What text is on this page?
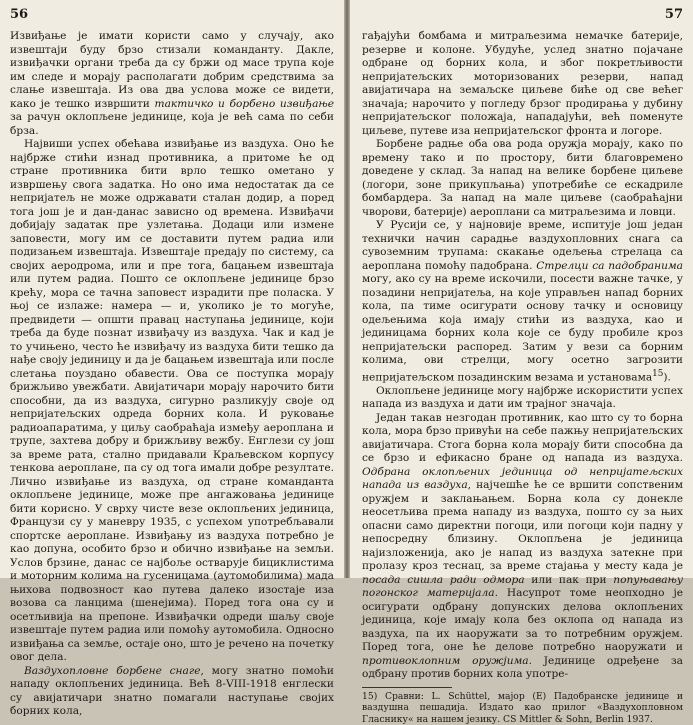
56

Извиђање је имати користи само у случају, ако извештаји буду брзо стизали команданту. Дакле, извиђачки органи треба да су бржи од масе трупа које им следе и морају располагати добрим средствима за слање извештаја. Из ова два услова може се видети, како је тешко извршити тактичко и борбено извиђање за рачун оклопљене јединице, која је већ сама по себи брза.

Највиши успех обећава извиђање из ваздуха. Оно ће најбрже стићи изнад противника, а притоме ће од стране противника бити врло тешко ометано у извршењу свога задатка. Но оно има недостатак да се непријатељ не може одржавати сталан додир, а поред тога још је и дан-данас зависно од времена. Извиђачи добијају задатак пре узлетања. Додаци или измене заповести, могу им се доставити путем радиа или подизањем извештаја. Извештаје предају по систему, са својих аеродрома, или и пре тога, бацањем извештаја или путем радиа. Пошто се оклопљене јединице брзо крећу, мора се тачна заповест израдити пре поласка. У њој се излаже: намера — и, уколико је то могуће, предвидети — општи правац наступања јединице, који треба да буде познат извиђачу из ваздуха. Чак и кад је то учињено, често ће извиђачу из ваздуха бити тешко да нађе своју јединицу и да је бацањем извештаја или после слетања поуздано обавести. Ова се поступка морају брижљиво увежбати. Авијатичари морају нарочито бити способни, да из ваздуха, сигурно разликују своје од непријатељских одреда борних кола. И руковање радиоапаратима, у циљу саобраћаја између аероплана и трупе, захтева добру и брижљиву вежбу. Енглези су још за време рата, стално придавали Краљевском корпусу тенкова аероплане, па су од тога имали добре резултате. Лично извиђање из ваздуха, од стране команданта оклопљене јединице, може пре ангажовања јединице бити корисно. У сврху чисте везе оклопљених јединица, Французи су у маневру 1935, с успехом употребљавали спортске аероплане. Извиђању из ваздуха потребно је као допуна, особито брзо и обично извиђање на земљи. Услов брзине, данас се најбоље остварује бициклистима и моторним колима на гусеницама (аутомобилима) мада њихова подвозност као путева далеко изостаје иза возова са ланцима (шенејима). Поред тога она су и осетљивија на препоне. Извиђачки одреди шаљу своје извештаје путем радиа или помоћу аутомобила. Односно извиђања са земље, остаје оно, што је речено на почетку овог дела.

Ваздухопловне борбене снаге, могу знатно помоћи нападу оклопљених јединица. Већ 8-VIII-1918 енглески су авијатичари знатно помагали наступање својих борних кола,

57

гађајући бомбама и митраљезима немачке батерије, резерве и колоне. Убудуће, услед знатно појачане одбране од борних кола, и због покретљивости непријатељских моторизованих резерви, напад авијатичара на земаљске циљеве биће од све већег значаја; нарочито у погледу брзог продирања у дубину непријатељског положаја, нападајући, већ поменуте циљеве, путеве иза непријатељског фронта и логоре.

Борбене радње оба ова рода оружја морају, како по времену тако и по простору, бити благовремено доведене у склад. За напад на велике борбене циљеве (логори, зоне прикупљања) употребиће се ескадриле бомбардера. За напад на мале циљеве (саобраћајни чворови, батерије) аероплани са митраљезима и ловци.

У Русији се, у најновије време, испитује још један технички начин сарадње ваздухопловних снага са сувоземним трупама: скакање одељења стрелаца са аероплана помоћу падобрана. Стрелци са падобранима могу, ако су на време искочили, посести важне тачке, у позадини непријатеља, на које управљен напад борних кола, па тиме осигурати основу тачку и основицу одељењима која имају стићи из ваздуха, као и јединицама борних кола које се буду пробиле кроз непријатељски распоред. Затим у вези са борним колима, ови стрелци, могу осетно загрозити непријатељском позадинским везама и установама$^{15}$).

Оклопљене јединице могу најбрже искористити успех напада из ваздуха и дати им трајног значаја.

Један такав незгодан противник, као што су то борна кола, мора брзо привући на себе пажњу непријатељских авијатичара. Стога борна кола морају бити способна да се брзо и ефикасно бране од напада из ваздуха. Одбрана оклопљених јединица од непријатељских напада из ваздуха, најчешће ће се вршити сопственим оружјем и заклањањем. Борна кола су донекле неосетљива према нападу из ваздуха, пошто су за њих опасни само директни погоци, или погоци који падну у непосредну близину. Оклопљена је јединица најизложенија, ако је напад из ваздуха затекне при пролазу кроз теснац, за време стајања у месту када је посада сишла ради одмора или пак при попуњавању погонског материјала. Насупрот томе неопходно је осигурати одбрану допунских делова оклопљених јединица, које имају кола без оклопа од напада из ваздуха, па их наоружати за то потребним оружјем. Поред тога, оне ће делове потребно наоружати и противоклопним оружјима. Јединице одређене за одбрану против борних кола употре-

15) Сравни: L. Schüttel, мајор (E) Падобранске јединице и ваздушна пешадија. Издато као прилог «Ваздухопловном Гласнику« на нашем језику. CS Mittler & Sohn, Berlin 1937.
